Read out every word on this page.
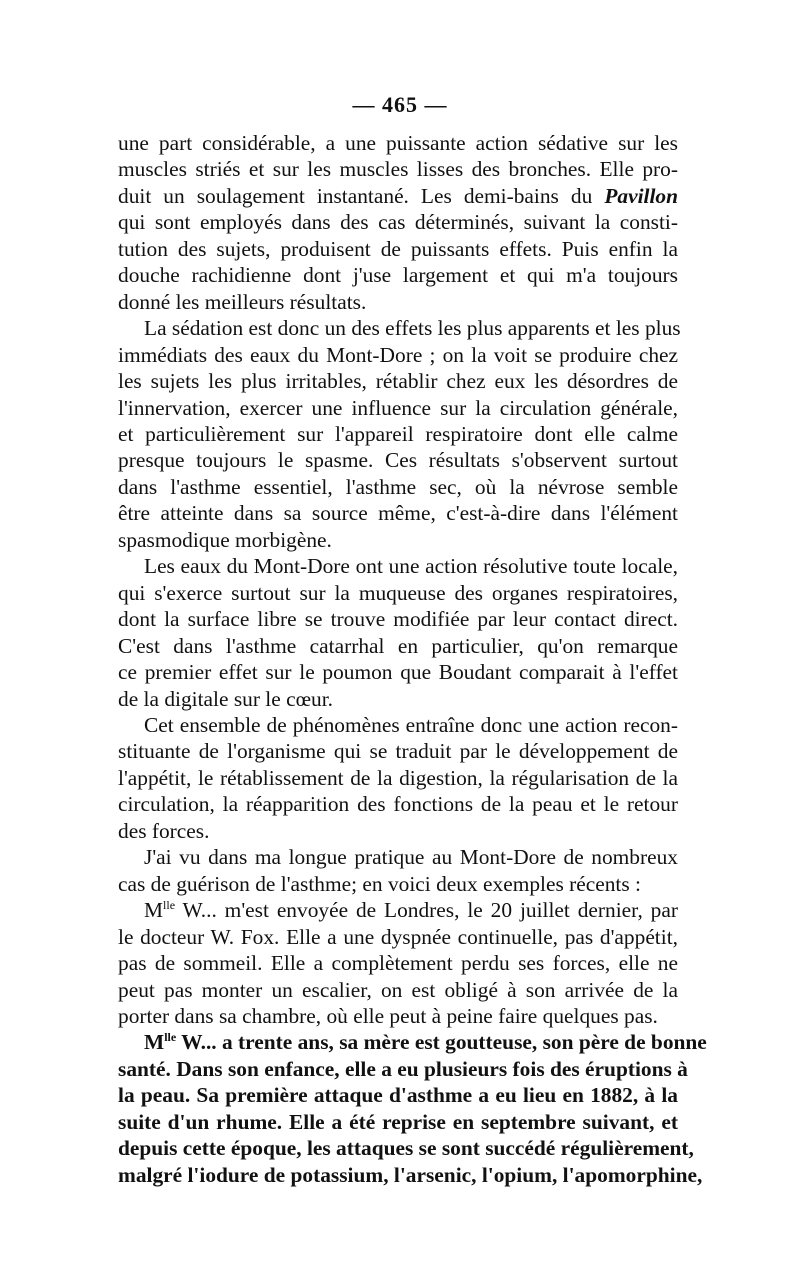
— 465 —
une part considérable, a une puissante action sédative sur les
muscles striés et sur les muscles lisses des bronches. Elle pro-
duit un soulagement instantané. Les demi-bains du Pavillon
qui sont employés dans des cas déterminés, suivant la consti-
tution des sujets, produisent de puissants effets. Puis enfin la
douche rachidienne dont j'use largement et qui m'a toujours
donné les meilleurs résultats.
La sédation est donc un des effets les plus apparents et les plus
immédiats des eaux du Mont-Dore ; on la voit se produire chez
les sujets les plus irritables, rétablir chez eux les désordres de
l'innervation, exercer une influence sur la circulation générale,
et particulièrement sur l'appareil respiratoire dont elle calme
presque toujours le spasme. Ces résultats s'observent surtout
dans l'asthme essentiel, l'asthme sec, où la névrose semble
être atteinte dans sa source même, c'est-à-dire dans l'élément
spasmodique morbigène.
Les eaux du Mont-Dore ont une action résolutive toute locale,
qui s'exerce surtout sur la muqueuse des organes respiratoires,
dont la surface libre se trouve modifiée par leur contact direct.
C'est dans l'asthme catarrhal en particulier, qu'on remarque
ce premier effet sur le poumon que Boudant comparait à l'effet
de la digitale sur le cœur.
Cet ensemble de phénomènes entraîne donc une action recon-
stituante de l'organisme qui se traduit par le développement de
l'appétit, le rétablissement de la digestion, la régularisation de la
circulation, la réapparition des fonctions de la peau et le retour
des forces.
J'ai vu dans ma longue pratique au Mont-Dore de nombreux
cas de guérison de l'asthme; en voici deux exemples récents :
$M^{lle}$ W... m'est envoyée de Londres, le 20 juillet dernier, par
le docteur W. Fox. Elle a une dyspnée continuelle, pas d'appétit,
pas de sommeil. Elle a complètement perdu ses forces, elle ne
peut pas monter un escalier, on est obligé à son arrivée de la
porter dans sa chambre, où elle peut à peine faire quelques pas.
$M^{lle}$ W... a trente ans, sa mère est goutteuse, son père de bonne
santé. Dans son enfance, elle a eu plusieurs fois des éruptions à
la peau. Sa première attaque d'asthme a eu lieu en 1882, à la
suite d'un rhume. Elle a été reprise en septembre suivant, et
depuis cette époque, les attaques se sont succédé régulièrement,
malgré l'iodure de potassium, l'arsenic, l'opium, l'apomorphine,
